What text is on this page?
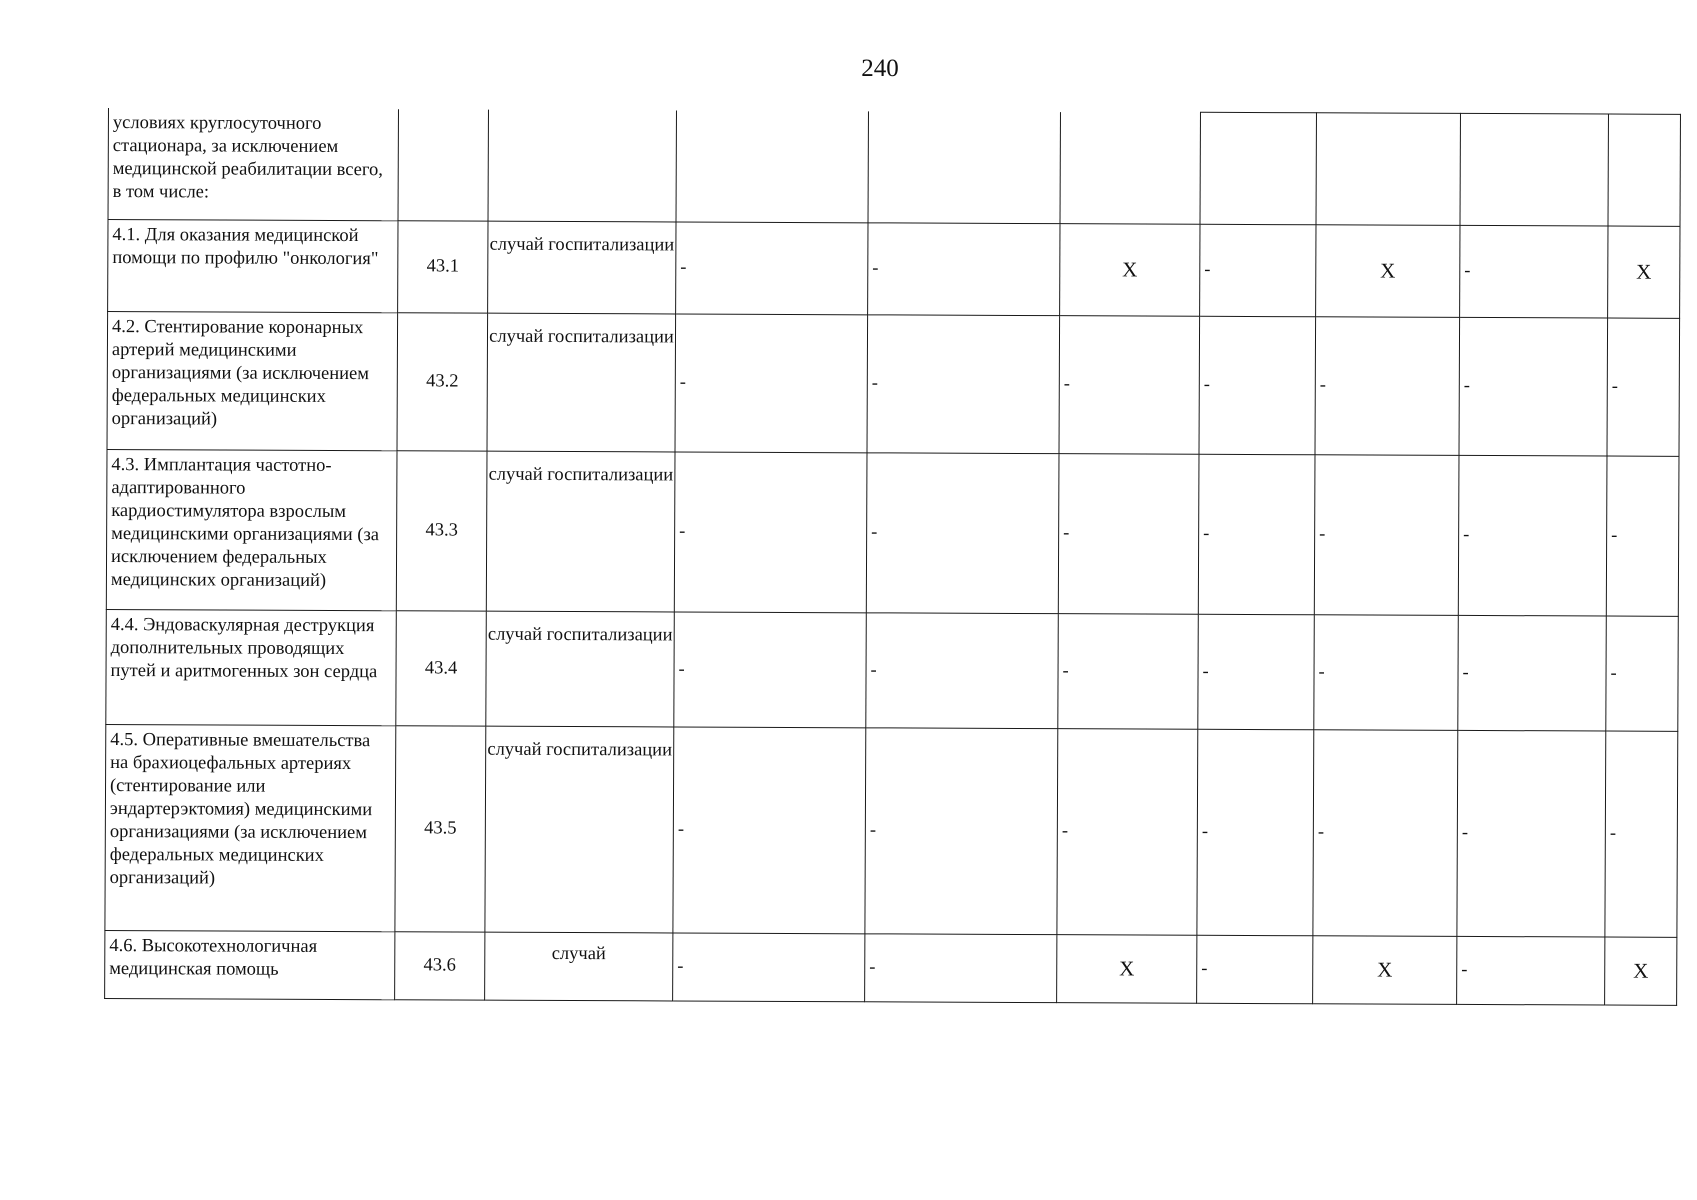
240
условиях круглосуточного стационара, за исключением медицинской реабилитации всего, в том числе:									
4.1. Для оказания медицинской помощи по профилю "онкология"	43.1	случай госпитализации	-	-	X	-	X	-	X
4.2. Стентирование коронарных артерий медицинскими организациями (за исключением федеральных медицинских организаций)	43.2	случай госпитализации	-	-	-	-	-	-	-
4.3. Имплантация частотно-адаптированного кардиостимулятора взрослым медицинскими организациями (за исключением федеральных медицинских организаций)	43.3	случай госпитализации	-	-	-	-	-	-	-
4.4. Эндоваскулярная деструкция дополнительных проводящих путей и аритмогенных зон сердца	43.4	случай госпитализации	-	-	-	-	-	-	-
4.5. Оперативные вмешательства на брахиоцефальных артериях (стентирование или эндартерэктомия) медицинскими организациями (за исключением федеральных медицинских организаций)	43.5	случай госпитализации	-	-	-	-	-	-	-
4.6. Высокотехнологичная медицинская помощь	43.6	случай	-	-	X	-	X	-	X
